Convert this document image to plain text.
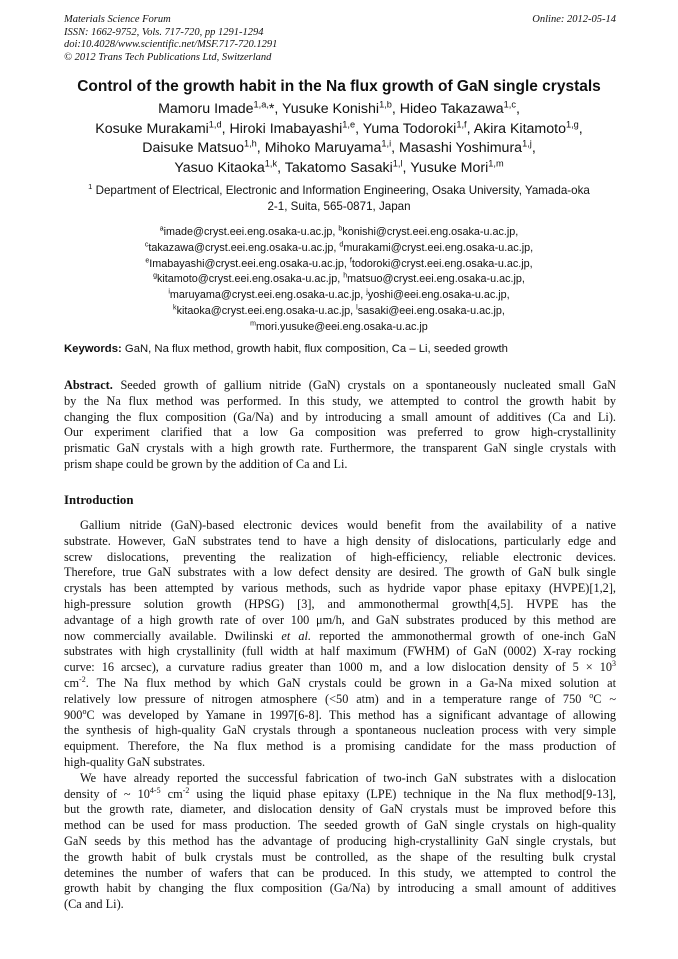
Materials Science Forum
ISSN: 1662-9752, Vols. 717-720, pp 1291-1294
doi:10.4028/www.scientific.net/MSF.717-720.1291
© 2012 Trans Tech Publications Ltd, Switzerland
Online: 2012-05-14
Control of the growth habit in the Na flux growth of GaN single crystals
Mamoru Imade$^{1,a,}$*, Yusuke Konishi$^{1,b}$, Hideo Takazawa$^{1,c}$,
Kosuke Murakami$^{1,d}$, Hiroki Imabayashi$^{1,e}$, Yuma Todoroki$^{1,f}$, Akira Kitamoto$^{1,g}$,
Daisuke Matsuo$^{1,h}$, Mihoko Maruyama$^{1,i}$, Masashi Yoshimura$^{1,j}$,
Yasuo Kitaoka$^{1,k}$, Takatomo Sasaki$^{1,l}$, Yusuke Mori$^{1,m}$
$^1$ Department of Electrical, Electronic and Information Engineering, Osaka University, Yamada-oka
2-1, Suita, 565-0871, Japan
$^a$imade@cryst.eei.eng.osaka-u.ac.jp, $^b$konishi@cryst.eei.eng.osaka-u.ac.jp,
$^c$takazawa@cryst.eei.eng.osaka-u.ac.jp, $^d$murakami@cryst.eei.eng.osaka-u.ac.jp,
$^e$Imabayashi@cryst.eei.eng.osaka-u.ac.jp, $^f$todoroki@cryst.eei.eng.osaka-u.ac.jp,
$^g$kitamoto@cryst.eei.eng.osaka-u.ac.jp, $^h$matsuo@cryst.eei.eng.osaka-u.ac.jp,
$^i$maruyama@cryst.eei.eng.osaka-u.ac.jp, $^j$yoshi@eei.eng.osaka-u.ac.jp,
$^k$kitaoka@cryst.eei.eng.osaka-u.ac.jp, $^l$sasaki@eei.eng.osaka-u.ac.jp,
$^m$mori.yusuke@eei.eng.osaka-u.ac.jp
Keywords: GaN, Na flux method, growth habit, flux composition, Ca – Li, seeded growth
Abstract. Seeded growth of gallium nitride (GaN) crystals on a spontaneously nucleated small GaN
by the Na flux method was performed. In this study, we attempted to control the growth habit by
changing the flux composition (Ga/Na) and by introducing a small amount of additives (Ca and Li).
Our experiment clarified that a low Ga composition was preferred to grow high-crystallinity
prismatic GaN crystals with a high growth rate. Furthermore, the transparent GaN single crystals with
prism shape could be grown by the addition of Ca and Li.
Introduction
Gallium nitride (GaN)-based electronic devices would benefit from the availability of a native
substrate. However, GaN substrates tend to have a high density of dislocations, particularly edge and
screw dislocations, preventing the realization of high-efficiency, reliable electronic devices.
Therefore, true GaN substrates with a low defect density are desired. The growth of GaN bulk single
crystals has been attempted by various methods, such as hydride vapor phase epitaxy (HVPE)[1,2],
high-pressure solution growth (HPSG) [3], and ammonothermal growth[4,5]. HVPE has the
advantage of a high growth rate of over 100 μm/h, and GaN substrates produced by this method are
now commercially available. Dwilinski et al. reported the ammonothermal growth of one-inch GaN
substrates with high crystallinity (full width at half maximum (FWHM) of GaN (0002) X-ray rocking
curve: 16 arcsec), a curvature radius greater than 1000 m, and a low dislocation density of $5 \times 10^3$
$cm^{-2}$. The Na flux method by which GaN crystals could be grown in a Ga-Na mixed solution at
relatively low pressure of nitrogen atmosphere (<50 atm) and in a temperature range of 750 $^o$C ~
900$^o$C was developed by Yamane in 1997[6-8]. This method has a significant advantage of allowing
the synthesis of high-quality GaN crystals through a spontaneous nucleation process with very simple
equipment. Therefore, the Na flux method is a promising candidate for the mass production of
high-quality GaN substrates.
We have already reported the successful fabrication of two-inch GaN substrates with a dislocation
density of ~ 10$^{4-5}$ $cm^{-2}$ using the liquid phase epitaxy (LPE) technique in the Na flux method[9-13],
but the growth rate, diameter, and dislocation density of GaN crystals must be improved before this
method can be used for mass production. The seeded growth of GaN single crystals on high-quality
GaN seeds by this method has the advantage of producing high-crystallinity GaN single crystals, but
the growth habit of bulk crystals must be controlled, as the shape of the resulting bulk crystal
detemines the number of wafers that can be produced. In this study, we attempted to control the
growth habit by changing the flux composition (Ga/Na) by introducing a small amount of additives
(Ca and Li).
